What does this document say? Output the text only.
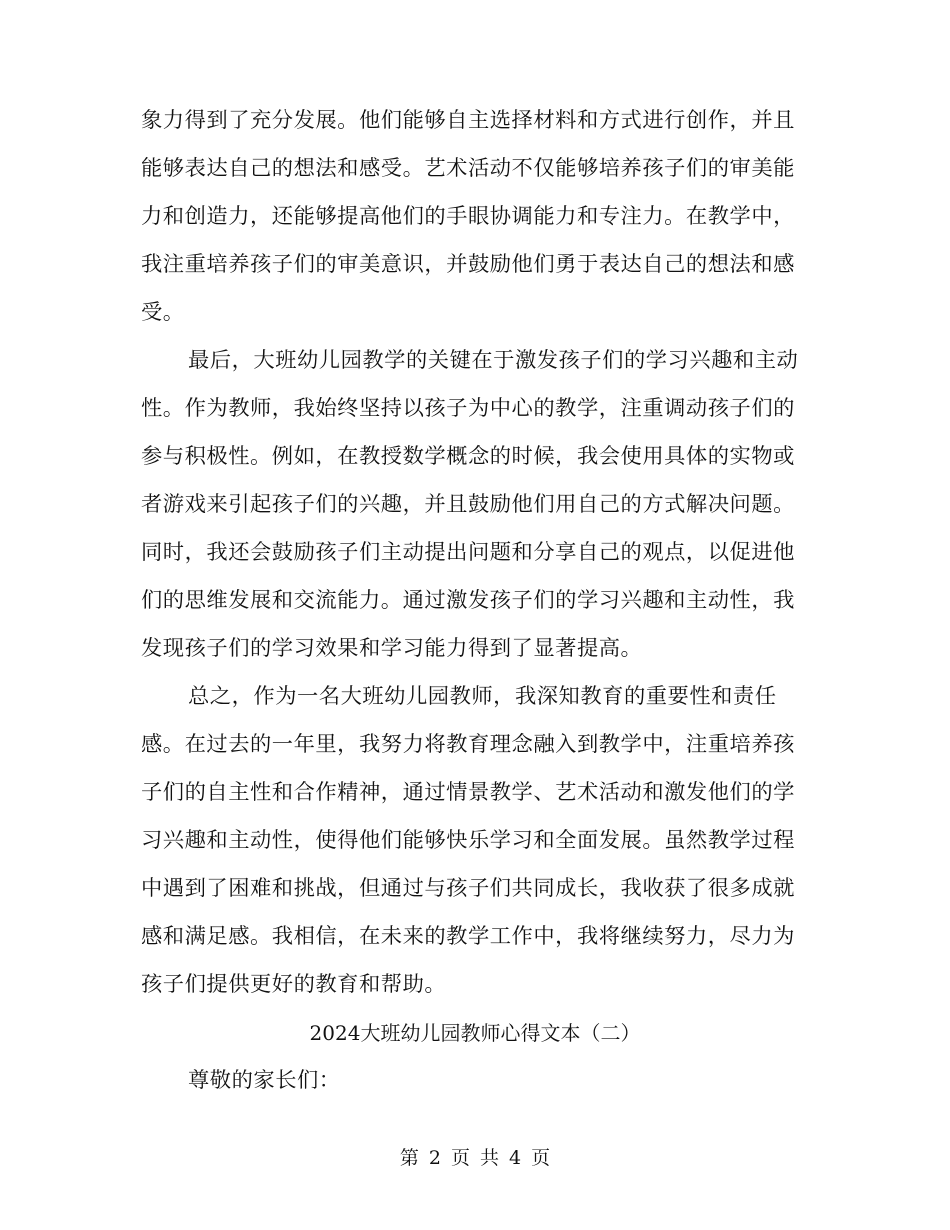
象力得到了充分发展。他们能够自主选择材料和方式进行创作，并且
能够表达自己的想法和感受。艺术活动不仅能够培养孩子们的审美能
力和创造力，还能够提高他们的手眼协调能力和专注力。在教学中，
我注重培养孩子们的审美意识，并鼓励他们勇于表达自己的想法和感
受。
最后，大班幼儿园教学的关键在于激发孩子们的学习兴趣和主动
性。作为教师，我始终坚持以孩子为中心的教学，注重调动孩子们的
参与积极性。例如，在教授数学概念的时候，我会使用具体的实物或
者游戏来引起孩子们的兴趣，并且鼓励他们用自己的方式解决问题。
同时，我还会鼓励孩子们主动提出问题和分享自己的观点，以促进他
们的思维发展和交流能力。通过激发孩子们的学习兴趣和主动性，我
发现孩子们的学习效果和学习能力得到了显著提高。
总之，作为一名大班幼儿园教师，我深知教育的重要性和责任
感。在过去的一年里，我努力将教育理念融入到教学中，注重培养孩
子们的自主性和合作精神，通过情景教学、艺术活动和激发他们的学
习兴趣和主动性，使得他们能够快乐学习和全面发展。虽然教学过程
中遇到了困难和挑战，但通过与孩子们共同成长，我收获了很多成就
感和满足感。我相信，在未来的教学工作中，我将继续努力，尽力为
孩子们提供更好的教育和帮助。
2024大班幼儿园教师心得文本（二）
尊敬的家长们：
第 2 页 共 4 页
